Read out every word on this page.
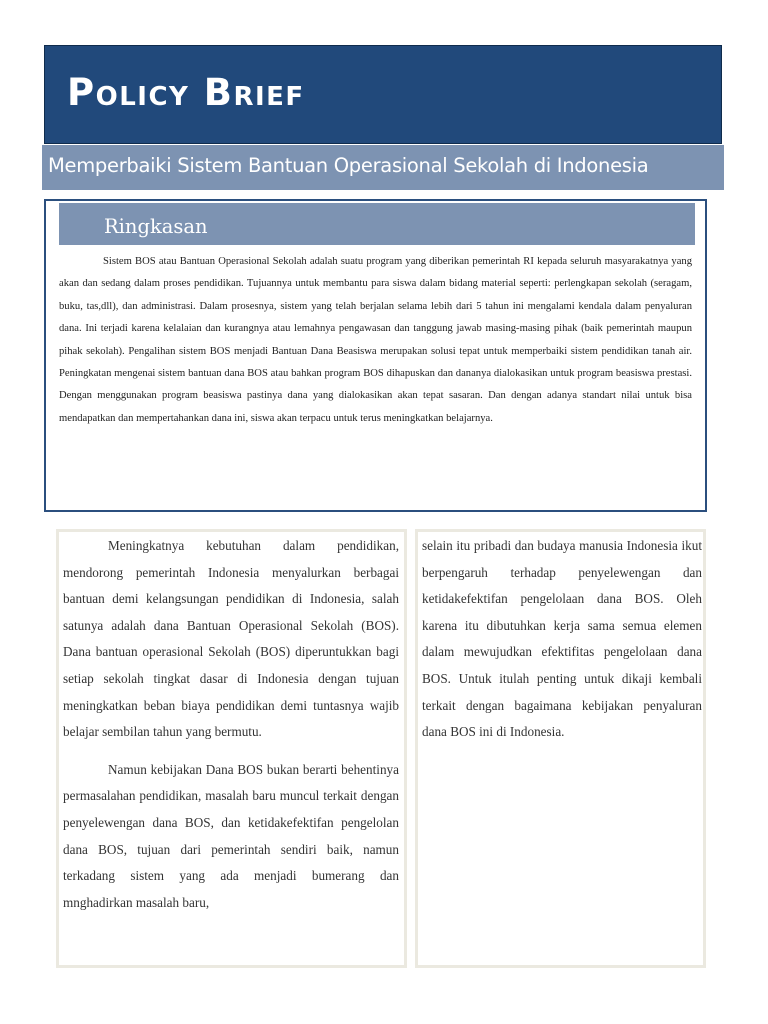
Policy Brief
Memperbaiki Sistem Bantuan Operasional Sekolah di Indonesia
Ringkasan

Sistem BOS atau Bantuan Operasional Sekolah adalah suatu program yang diberikan pemerintah RI kepada seluruh masyarakatnya yang akan dan sedang dalam proses pendidikan. Tujuannya untuk membantu para siswa dalam bidang material seperti: perlengkapan sekolah (seragam, buku, tas,dll), dan administrasi. Dalam prosesnya, sistem yang telah berjalan selama lebih dari 5 tahun ini mengalami kendala dalam penyaluran dana. Ini terjadi karena kelalaian dan kurangnya atau lemahnya pengawasan dan tanggung jawab masing-masing pihak (baik pemerintah maupun pihak sekolah). Pengalihan sistem BOS menjadi Bantuan Dana Beasiswa merupakan solusi tepat untuk memperbaiki sistem pendidikan tanah air. Peningkatan mengenai sistem bantuan dana BOS atau bahkan program BOS dihapuskan dan dananya dialokasikan untuk program beasiswa prestasi. Dengan menggunakan program beasiswa pastinya dana yang dialokasikan akan tepat sasaran. Dan dengan adanya standart nilai untuk bisa mendapatkan dan mempertahankan dana ini, siswa akan terpacu untuk terus meningkatkan belajarnya.

Meningkatnya kebutuhan dalam pendidikan, mendorong pemerintah Indonesia menyalurkan berbagai bantuan demi kelangsungan pendidikan di Indonesia, salah satunya adalah dana Bantuan Operasional Sekolah (BOS). Dana bantuan operasional Sekolah (BOS) diperuntukkan bagi setiap sekolah tingkat dasar di Indonesia dengan tujuan meningkatkan beban biaya pendidikan demi tuntasnya wajib belajar sembilan tahun yang bermutu.

Namun kebijakan Dana BOS bukan berarti behentinya permasalahan pendidikan, masalah baru muncul terkait dengan penyelewengan dana BOS, dan ketidakefektifan pengelolan dana BOS, tujuan dari pemerintah sendiri baik, namun terkadang sistem yang ada menjadi bumerang dan mnghadirkan masalah baru,

selain itu pribadi dan budaya manusia Indonesia ikut berpengaruh terhadap penyelewengan dan ketidakefektifan pengelolaan dana BOS. Oleh karena itu dibutuhkan kerja sama semua elemen dalam mewujudkan efektifitas pengelolaan dana BOS. Untuk itulah penting untuk dikaji kembali terkait dengan bagaimana kebijakan penyaluran dana BOS ini di Indonesia.
